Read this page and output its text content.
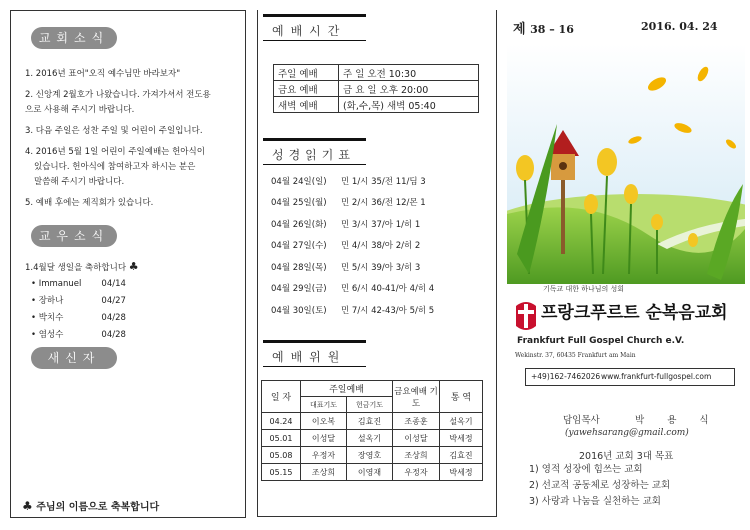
교회소식
1. 2016년 표어"오직 예수님만 바라보자"
2. 신앙계 2월호가 나왔습니다. 가져가셔서 전도용
으로 사용해 주시기 바랍니다.
3. 다음 주일은 성찬 주일 및 어린이 주일입니다.
4. 2016년 5월 1일 어린이 주일예배는 헌아식이
있습니다. 헌아식에 참여하고자 하시는 분은
말씀해 주시기 바랍니다.
5. 예배 후에는 제직회가 있습니다.
교우소식
1.4월달 생일을 축하합니다 ♣
• Immanuel 04/14
• 장하나	04/27
• 박치수	04/28
• 염성수	04/28
새신자
♣ 주님의 이름으로 축복합니다
예배시간
주일 예배	주 일 오전 10:30
금요 예배	금 요 일 오후 20:00
새벽 예배	(화,수,목) 새벽 05:40
성경읽기표
04월 24일(일)	민 1/시 35/전 11/딤 3
04월 25일(월)	민 2/시 36/전 12/몬 1
04월 26일(화)	민 3/시 37/아 1/히 1
04월 27일(수)	민 4/시 38/아 2/히 2
04월 28일(목)	민 5/시 39/아 3/히 3
04월 29일(금)	민 6/시 40-41/아 4/히 4
04월 30일(토)	민 7/시 42-43/아 5/히 5
예배위원
일 자	주일예배		금요예배 기도	통 역
	대표기도	헌금기도		
04.24	이오복	김효진	조종훈	설옥기
05.01	이성달	설옥기	이성달	박세정
05.08	우정자	장영호	조상희	김효진
05.15	조상희	이영재	우정자	박세정
제 38 – 16	2016. 04. 24
기독교 대한 하나님의 성회
프랑크푸르트 순복음교회
Frankfurt Full Gospel Church e.V.
Wekinstr. 37, 60435 Frankfurt am Main
+49)162-7462026 www.frankfurt-fullgospel.com
담임목사	박 용 식
(yawehsarang@gmail.com)
2016년 교회 3대 목표
1) 영적 성장에 힘쓰는 교회
2) 선교적 공동체로 성장하는 교회
3) 사랑과 나눔을 실천하는 교회
